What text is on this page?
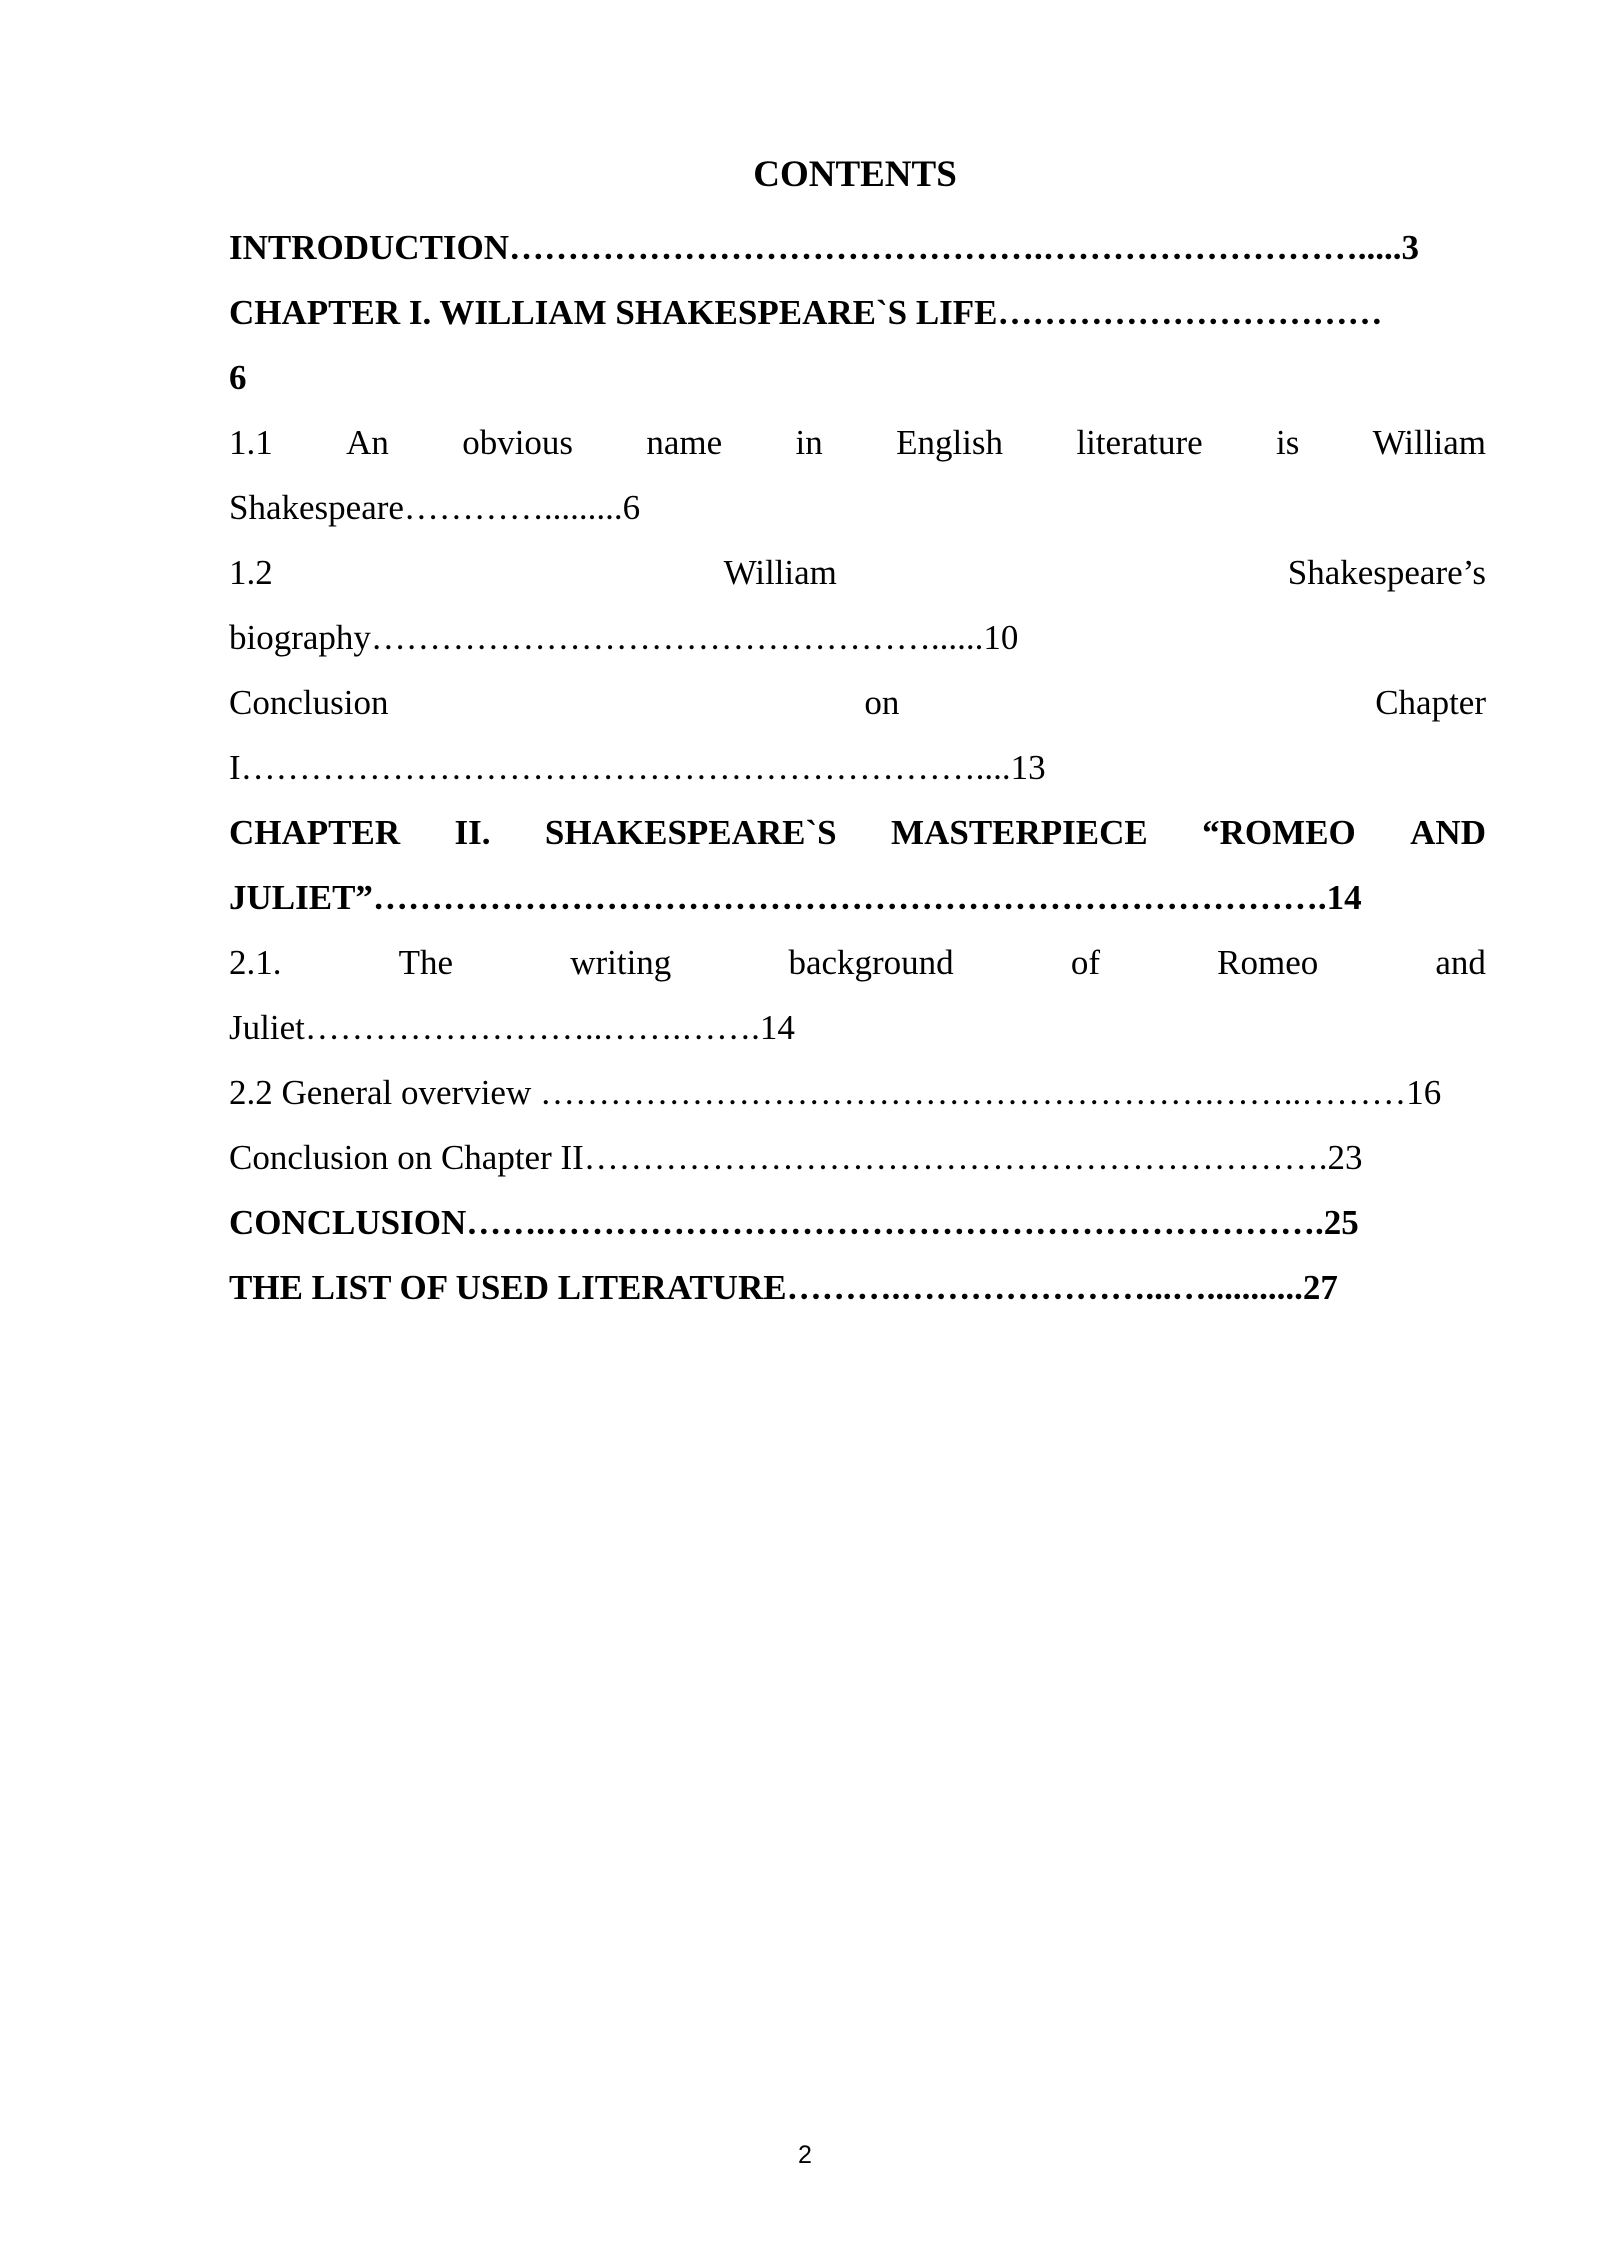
CONTENTS
INTRODUCTION……………………………………….……………………….....3
CHAPTER I. WILLIAM SHAKESPEARE`S LIFE……………………………
6
1.1 An obvious name in English literature is William
Shakespeare………….........6
1.2	William	Shakespeare’s
biography…………………………………………......10
Conclusion	on	Chapter
I………………………………………………………....13
CHAPTER II. SHAKESPEARE`S MASTERPIECE “ROMEO AND
JULIET”……………………………………………………………………….14
2.1.	The	writing	background	of	Romeo	and
Juliet……………………..…….…….14
2.2 General overview ………………………………………………….……..………16
Conclusion on Chapter II……………………………………………………….23
CONCLUSION…….………………………………………………………….25
THE LIST OF USED LITERATURE……….…………………...…...........27
2
